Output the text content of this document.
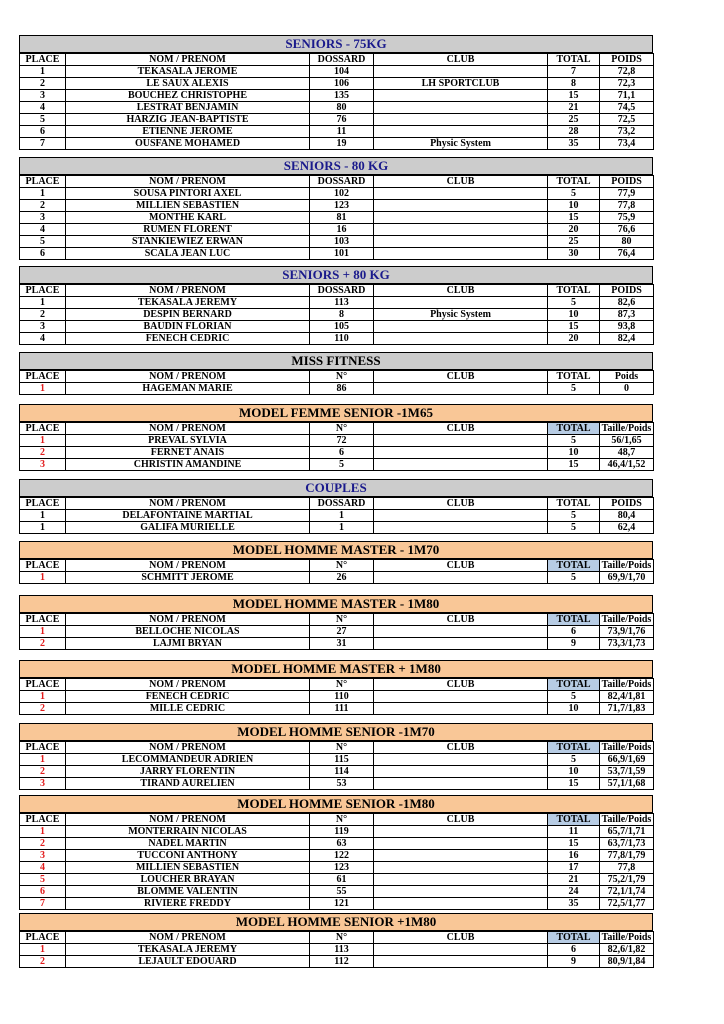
SENIORS - 75KG
PLACE	NOM / PRENOM	DOSSARD	CLUB	TOTAL	POIDS
1	TEKASALA JEROME	104		7	72,8
2	LE SAUX ALEXIS	106	LH SPORTCLUB	8	72,3
3	BOUCHEZ CHRISTOPHE	135		15	71,1
4	LESTRAT BENJAMIN	80		21	74,5
5	HARZIG JEAN-BAPTISTE	76		25	72,5
6	ETIENNE JEROME	11		28	73,2
7	OUSFANE MOHAMED	19	Physic System	35	73,4
SENIORS - 80 KG
PLACE	NOM / PRENOM	DOSSARD	CLUB	TOTAL	POIDS
1	SOUSA PINTORI AXEL	102		5	77,9
2	MILLIEN SEBASTIEN	123		10	77,8
3	MONTHE KARL	81		15	75,9
4	RUMEN FLORENT	16		20	76,6
5	STANKIEWIEZ ERWAN	103		25	80
6	SCALA JEAN LUC	101		30	76,4
SENIORS + 80 KG
PLACE	NOM / PRENOM	DOSSARD	CLUB	TOTAL	POIDS
1	TEKASALA JEREMY	113		5	82,6
2	DESPIN BERNARD	8	Physic System	10	87,3
3	BAUDIN FLORIAN	105		15	93,8
4	FENECH CEDRIC	110		20	82,4
MISS FITNESS
PLACE	NOM / PRENOM	N°	CLUB	TOTAL	Poids
1	HAGEMAN MARIE	86		5	0
MODEL FEMME SENIOR -1M65
PLACE	NOM / PRENOM	N°	CLUB	TOTAL	Taille/Poids
1	PREVAL SYLVIA	72		5	56/1,65
2	FERNET ANAIS	6		10	48,7
3	CHRISTIN AMANDINE	5		15	46,4/1,52
COUPLES
PLACE	NOM / PRENOM	DOSSARD	CLUB	TOTAL	POIDS
1	DELAFONTAINE MARTIAL	1		5	80,4
1	GALIFA MURIELLE	1		5	62,4
MODEL HOMME MASTER - 1M70
PLACE	NOM / PRENOM	N°	CLUB	TOTAL	Taille/Poids
1	SCHMITT JEROME	26		5	69,9/1,70
MODEL HOMME MASTER - 1M80
PLACE	NOM / PRENOM	N°	CLUB	TOTAL	Taille/Poids
1	BELLOCHE NICOLAS	27		6	73,9/1,76
2	LAJMI BRYAN	31		9	73,3/1,73
MODEL HOMME MASTER + 1M80
PLACE	NOM / PRENOM	N°	CLUB	TOTAL	Taille/Poids
1	FENECH CEDRIC	110		5	82,4/1,81
2	MILLE CEDRIC	111		10	71,7/1,83
MODEL HOMME SENIOR -1M70
PLACE	NOM / PRENOM	N°	CLUB	TOTAL	Taille/Poids
1	LECOMMANDEUR ADRIEN	115		5	66,9/1,69
2	JARRY FLORENTIN	114		10	53,7/1,59
3	TIRAND AURELIEN	53		15	57,1/1,68
MODEL HOMME SENIOR -1M80
PLACE	NOM / PRENOM	N°	CLUB	TOTAL	Taille/Poids
1	MONTERRAIN NICOLAS	119		11	65,7/1,71
2	NADEL MARTIN	63		15	63,7/1,73
3	TUCCONI ANTHONY	122		16	77,8/1,79
4	MILLIEN SEBASTIEN	123		17	77,8
5	LOUCHER BRAYAN	61		21	75,2/1,79
6	BLOMME VALENTIN	55		24	72,1/1,74
7	RIVIERE FREDDY	121		35	72,5/1,77
MODEL HOMME SENIOR +1M80
PLACE	NOM / PRENOM	N°	CLUB	TOTAL	Taille/Poids
1	TEKASALA JEREMY	113		6	82,6/1,82
2	LEJAULT EDOUARD	112		9	80,9/1,84
